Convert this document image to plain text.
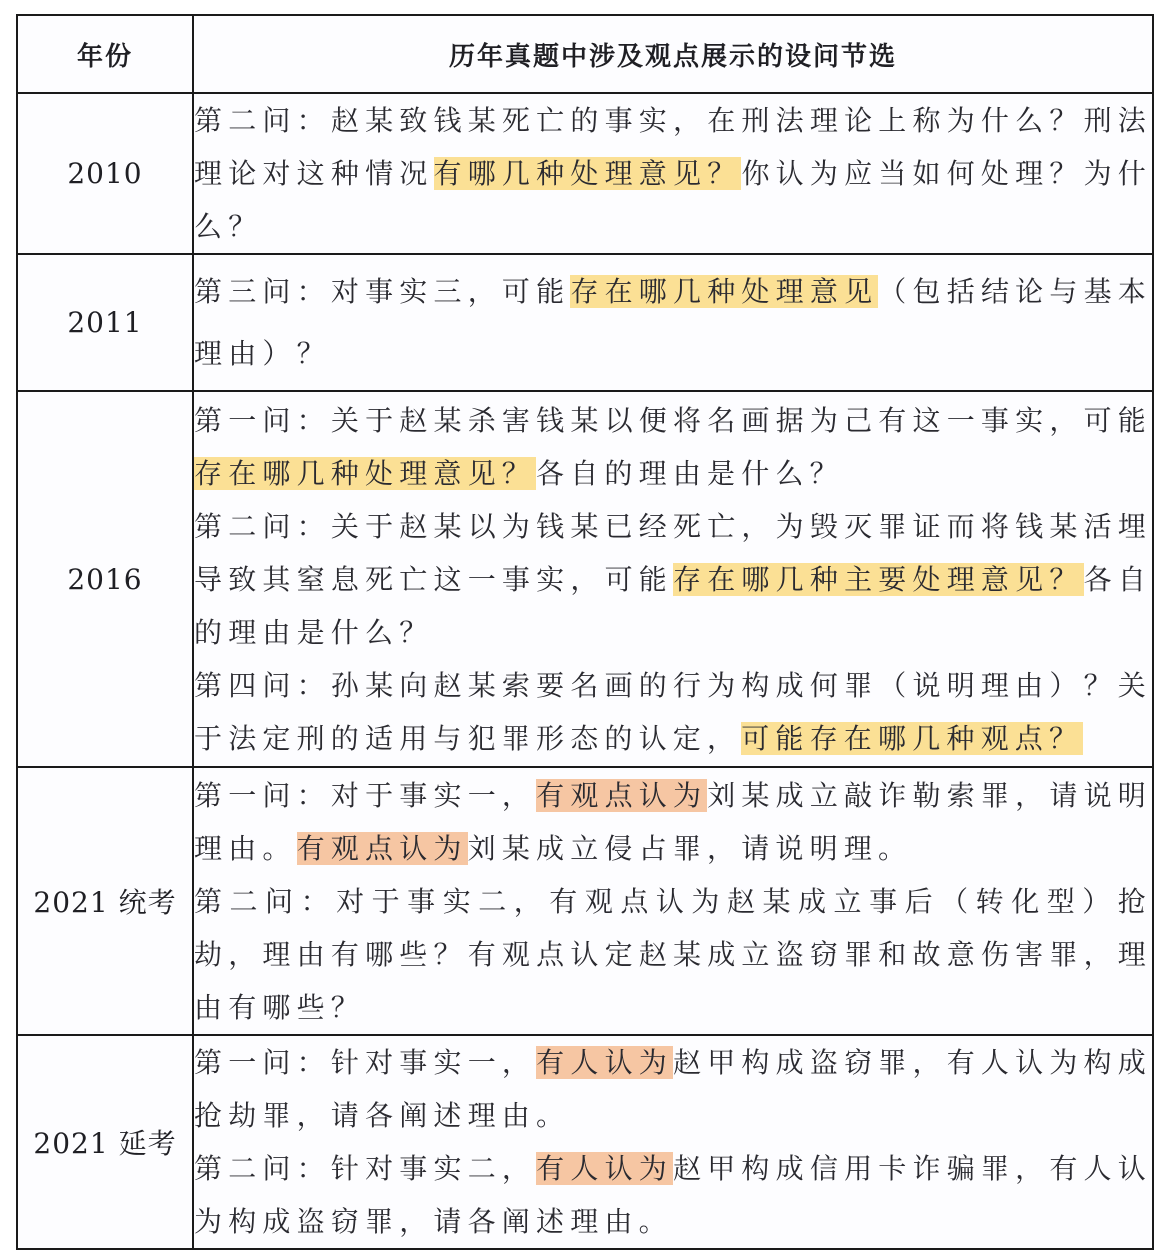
年份	历年真题中涉及观点展示的设问节选
2010	第二问：赵某致钱某死亡的事实，在刑法理论上称为什么？刑法理论对这种情况有哪几种处理意见？你认为应当如何处理？为什么？

2011	第三问：对事实三，可能存在哪几种处理意见（包括结论与基本理由）？

2016	第一问：关于赵某杀害钱某以便将名画据为己有这一事实，可能存在哪几种处理意见？各自的理由是什么？
第二问：关于赵某以为钱某已经死亡，为毁灭罪证而将钱某活埋导致其窒息死亡这一事实，可能存在哪几种主要处理意见？各自的理由是什么？
第四问：孙某向赵某索要名画的行为构成何罪（说明理由）？关于法定刑的适用与犯罪形态的认定，可能存在哪几种观点？

2021 统考	第一问：对于事实一，有观点认为刘某成立敲诈勒索罪，请说明理由。有观点认为刘某成立侵占罪，请说明理。
第二问：对于事实二，有观点认为赵某成立事后（转化型）抢劫，理由有哪些？有观点认定赵某成立盗窃罪和故意伤害罪，理由有哪些？

2021 延考	第一问：针对事实一，有人认为赵甲构成盗窃罪，有人认为构成抢劫罪，请各阐述理由。
第二问：针对事实二，有人认为赵甲构成信用卡诈骗罪，有人认为构成盗窃罪，请各阐述理由。
